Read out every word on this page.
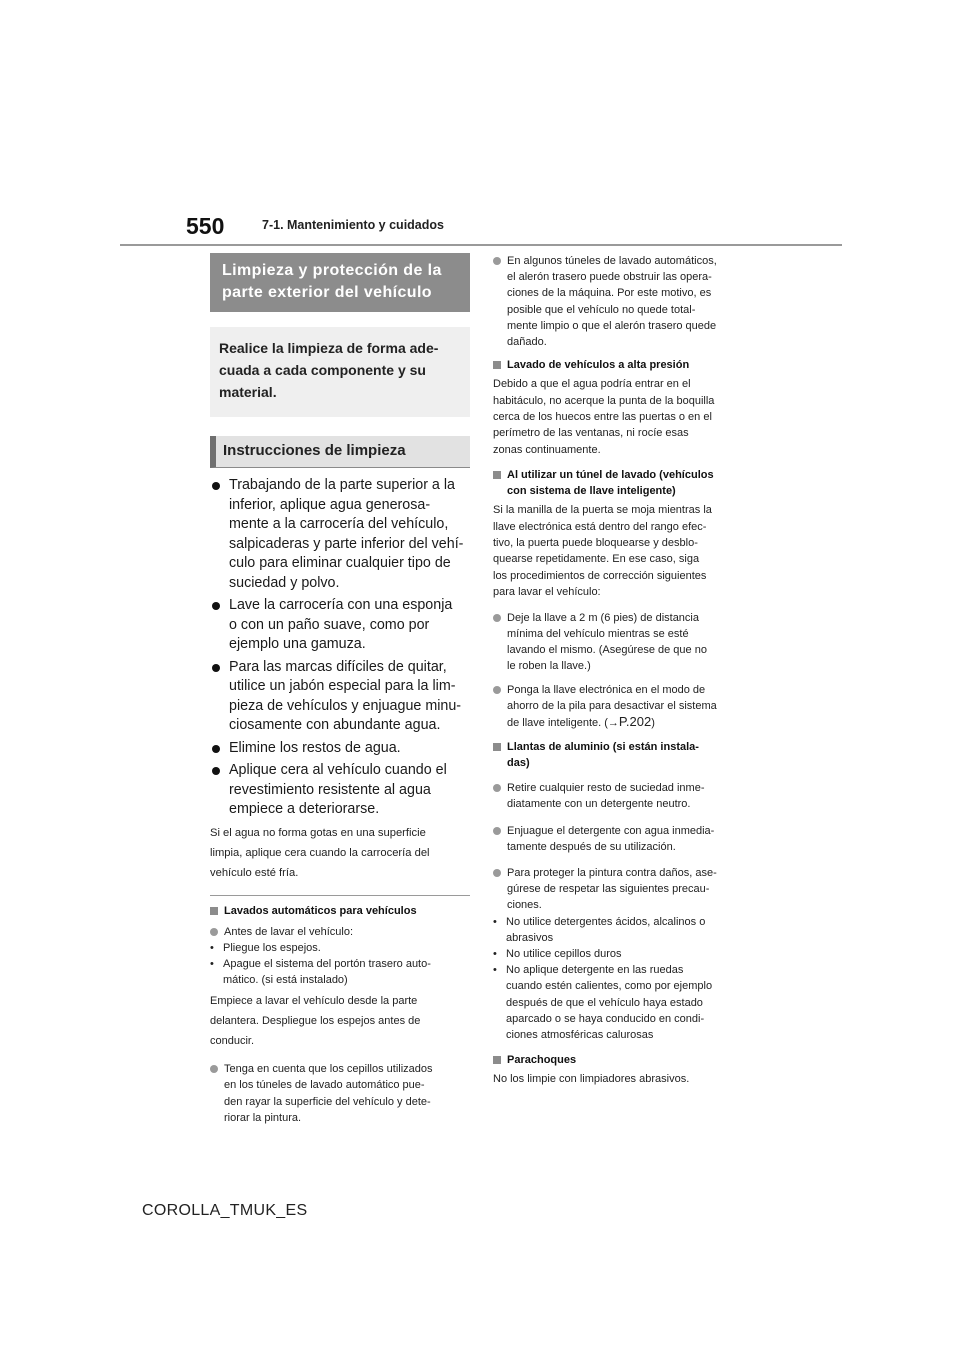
550	7-1. Mantenimiento y cuidados
Limpieza y protección de la
parte exterior del vehículo
Realice la limpieza de forma ade-
cuada a cada componente y su
material.
Instrucciones de limpieza
Trabajando de la parte superior a la
inferior, aplique agua generosa-
mente a la carrocería del vehículo,
salpicaderas y parte inferior del vehí-
culo para eliminar cualquier tipo de
suciedad y polvo.
Lave la carrocería con una esponja
o con un paño suave, como por
ejemplo una gamuza.
Para las marcas difíciles de quitar,
utilice un jabón especial para la lim-
pieza de vehículos y enjuague minu-
ciosamente con abundante agua.
Elimine los restos de agua.
Aplique cera al vehículo cuando el
revestimiento resistente al agua
empiece a deteriorarse.
Si el agua no forma gotas en una superficie
limpia, aplique cera cuando la carrocería del
vehículo esté fría.
Lavados automáticos para vehículos
Antes de lavar el vehículo:
• Pliegue los espejos.
• Apague el sistema del portón trasero auto-
mático. (si está instalado)
Empiece a lavar el vehículo desde la parte
delantera. Despliegue los espejos antes de
conducir.
Tenga en cuenta que los cepillos utilizados
en los túneles de lavado automático pue-
den rayar la superficie del vehículo y dete-
riorar la pintura.
En algunos túneles de lavado automáticos,
el alerón trasero puede obstruir las opera-
ciones de la máquina. Por este motivo, es
posible que el vehículo no quede total-
mente limpio o que el alerón trasero quede
dañado.
Lavado de vehículos a alta presión
Debido a que el agua podría entrar en el
habitáculo, no acerque la punta de la boquilla
cerca de los huecos entre las puertas o en el
perímetro de las ventanas, ni rocíe esas
zonas continuamente.
Al utilizar un túnel de lavado (vehículos
con sistema de llave inteligente)
Si la manilla de la puerta se moja mientras la
llave electrónica está dentro del rango efec-
tivo, la puerta puede bloquearse y desblo-
quearse repetidamente. En ese caso, siga
los procedimientos de corrección siguientes
para lavar el vehículo:
Deje la llave a 2 m (6 pies) de distancia
mínima del vehículo mientras se esté
lavando el mismo. (Asegúrese de que no
le roben la llave.)
Ponga la llave electrónica en el modo de
ahorro de la pila para desactivar el sistema
de llave inteligente. (→P.202)
Llantas de aluminio (si están instala-
das)
Retire cualquier resto de suciedad inme-
diatamente con un detergente neutro.
Enjuague el detergente con agua inmedia-
tamente después de su utilización.
Para proteger la pintura contra daños, ase-
gúrese de respetar las siguientes precau-
ciones.
• No utilice detergentes ácidos, alcalinos o
abrasivos
• No utilice cepillos duros
• No aplique detergente en las ruedas
cuando estén calientes, como por ejemplo
después de que el vehículo haya estado
aparcado o se haya conducido en condi-
ciones atmosféricas calurosas
Parachoques
No los limpie con limpiadores abrasivos.
COROLLA_TMUK_ES
